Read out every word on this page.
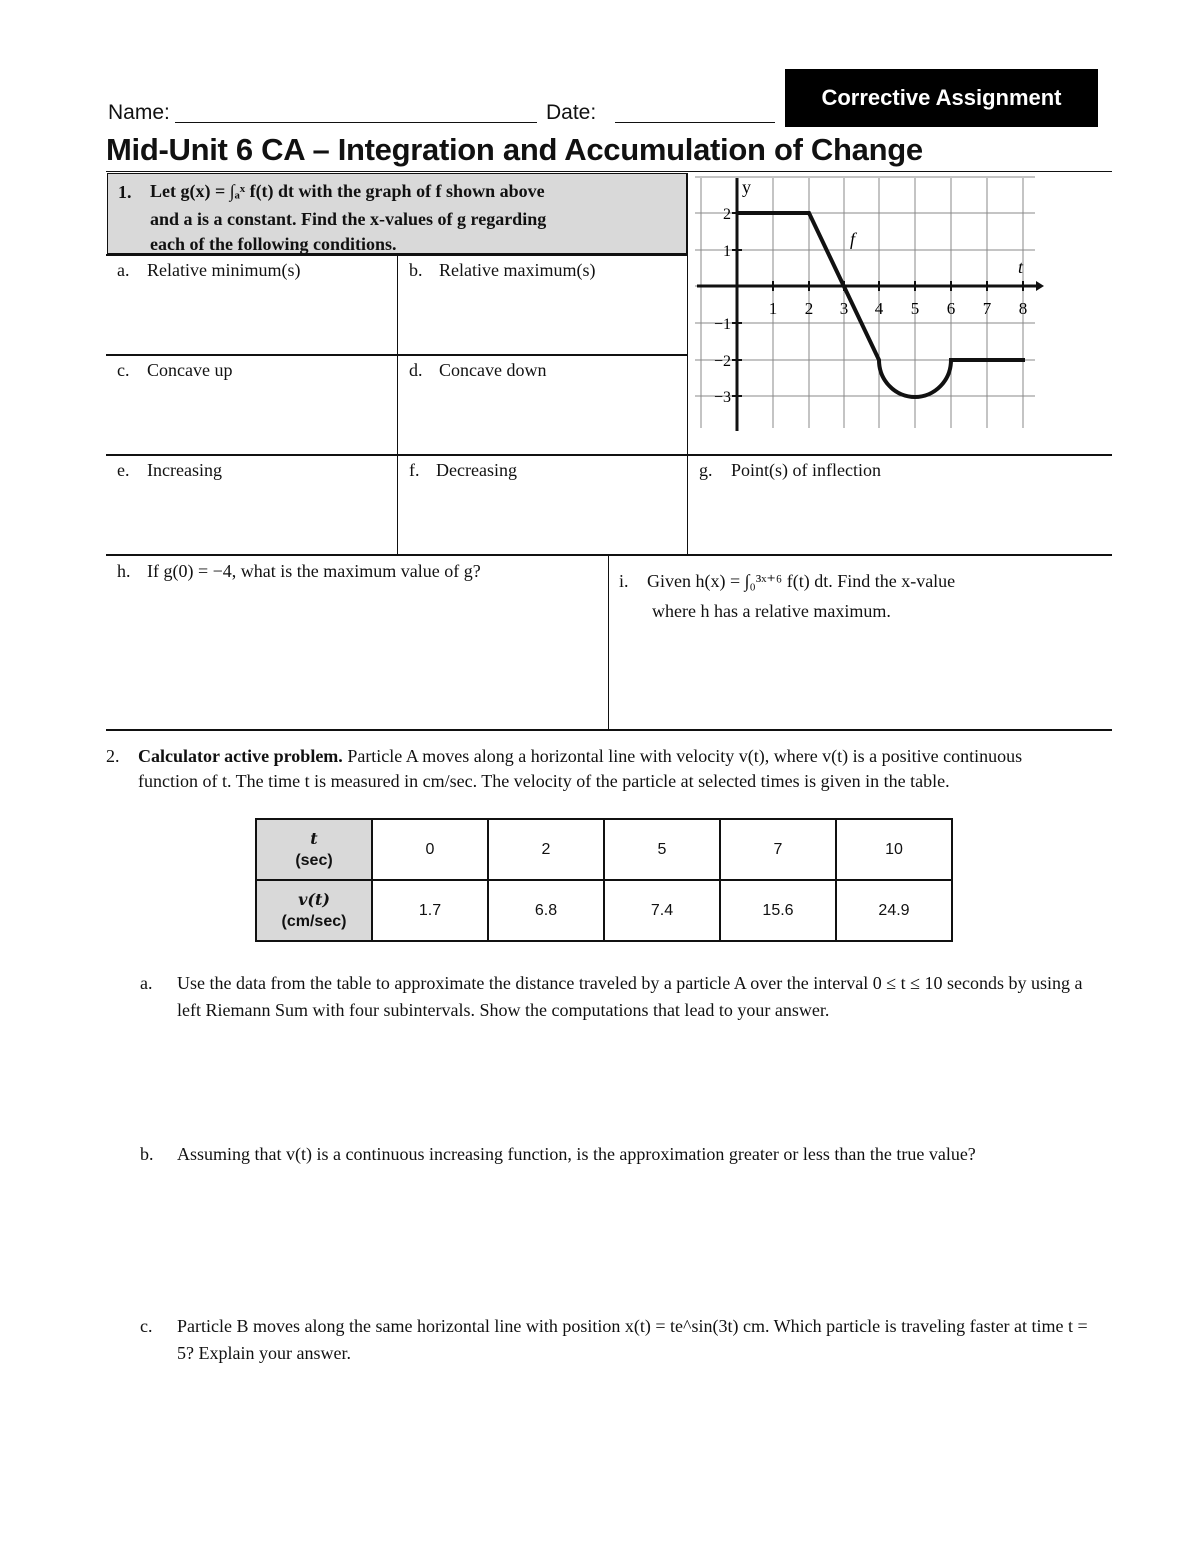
Name:	Date:
Corrective Assignment
Mid-Unit 6 CA – Integration and Accumulation of Change
1. Let g(x) = ∫ₐˣ f(t) dt with the graph of f shown above
and a is a constant. Find the x-values of g regarding
each of the following conditions.
a. Relative minimum(s)	b. Relative maximum(s)
c. Concave up	d. Concave down
e. Increasing	f. Decreasing	g. Point(s) of inflection
h. If g(0) = −4, what is the maximum value of g?	i. Given h(x) = ∫₀³ˣ⁺⁶ f(t) dt. Find the x-value
where h has a relative maximum.
y
t
f
1 2 3 4 5 6 7 8
2
1
−1
−2
−3
2. Calculator active problem. Particle A moves along a horizontal line with velocity v(t), where v(t) is a positive continuous function of t. The time t is measured in cm/sec. The velocity of the particle at selected times is given in the table.
t
(sec)	0	2	5	7	10

v(t)
(cm/sec)	1.7	6.8	7.4	15.6	24.9
a. Use the data from the table to approximate the distance traveled by a particle A over the interval 0 ≤ t ≤ 10 seconds by using a left Riemann Sum with four subintervals. Show the computations that lead to your answer.
b. Assuming that v(t) is a continuous increasing function, is the approximation greater or less than the true value?
c. Particle B moves along the same horizontal line with position x(t) = te^sin(3t) cm. Which particle is traveling faster at time t = 5? Explain your answer.
